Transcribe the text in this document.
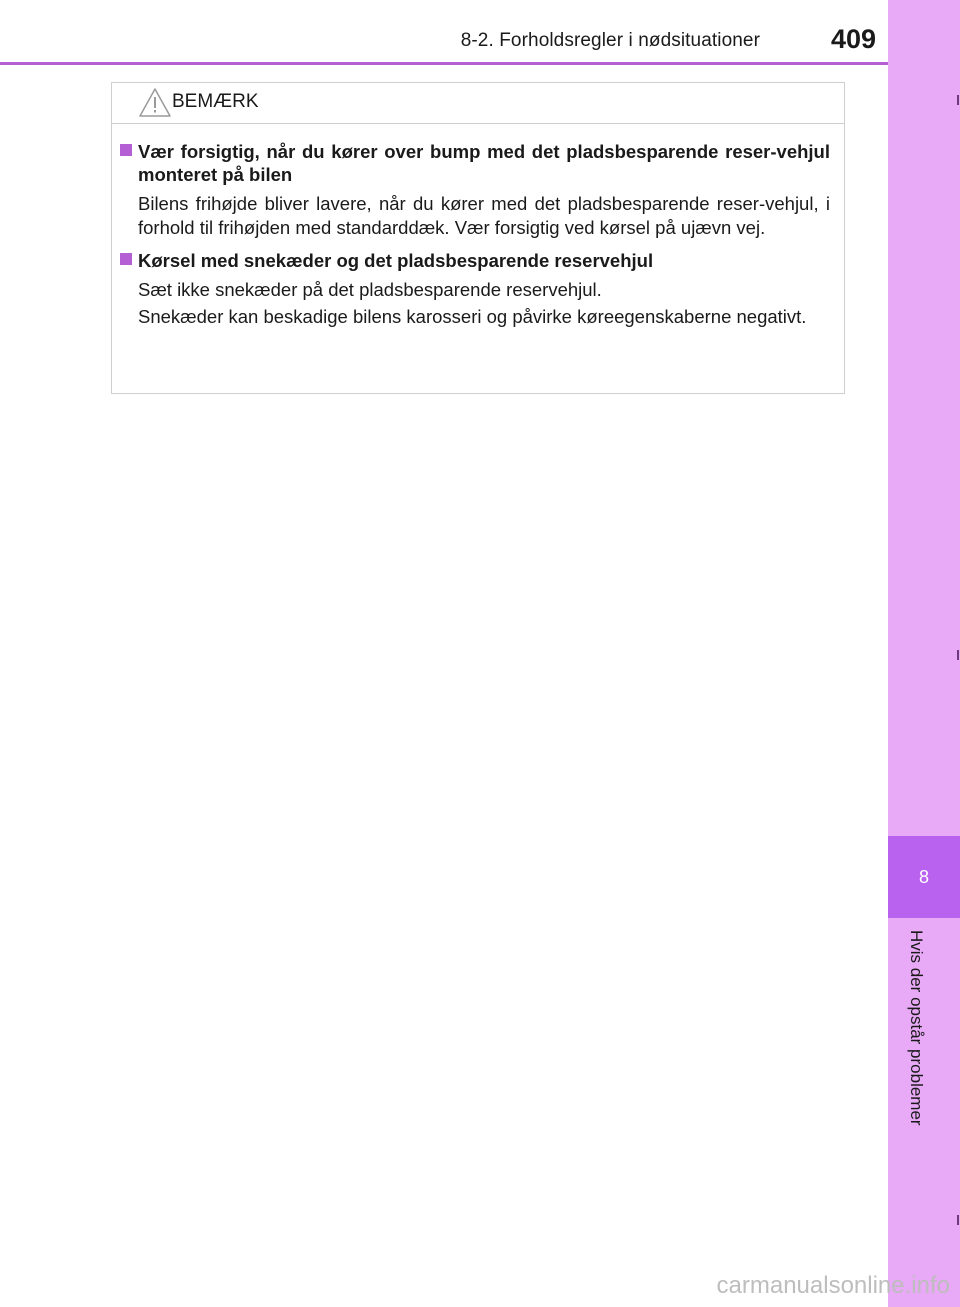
8-2. Forholdsregler i nødsituationer	409
8
Hvis der opstår problemer
BEMÆRK
Vær forsigtig, når du kører over bump med det pladsbesparende reser-vehjul monteret på bilen
Bilens frihøjde bliver lavere, når du kører med det pladsbesparende reser-vehjul, i forhold til frihøjden med standarddæk. Vær forsigtig ved kørsel på ujævn vej.
Kørsel med snekæder og det pladsbesparende reservehjul
Sæt ikke snekæder på det pladsbesparende reservehjul.
Snekæder kan beskadige bilens karosseri og påvirke køreegenskaberne negativt.
carmanualsonline.info
